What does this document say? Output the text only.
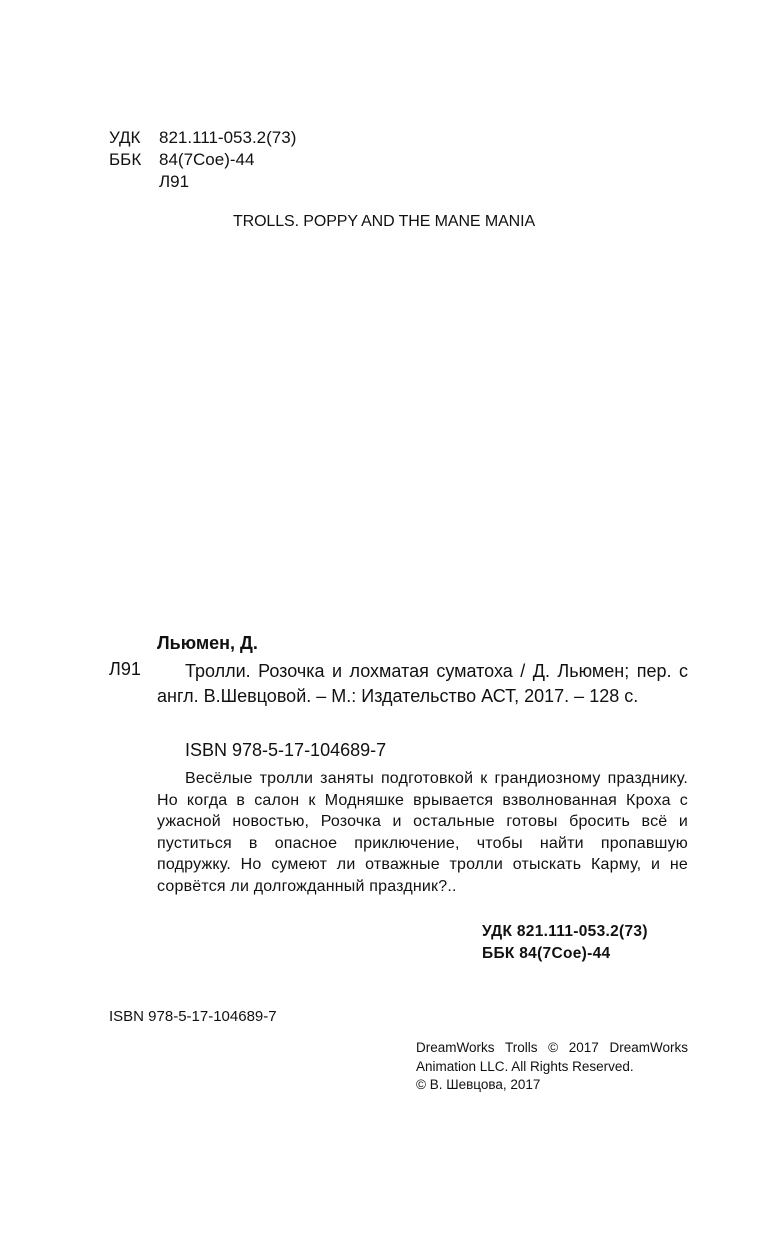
УДК 821.111-053.2(73)
ББК 84(7Сое)-44
Л91
TROLLS. POPPY AND THE MANE MANIA
Льюмен, Д.
Л91	Тролли. Розочка и лохматая суматоха / Д. Льюмен; пер. с англ. В.Шевцовой. – М.: Издательство АСТ, 2017. – 128 с.
ISBN 978-5-17-104689-7
Весёлые тролли заняты подготовкой к грандиозному празднику. Но когда в салон к Модняшке врывается взволнованная Кроха с ужасной новостью, Розочка и остальные готовы бросить всё и пуститься в опасное приключение, чтобы найти пропавшую подружку. Но сумеют ли отважные тролли отыскать Карму, и не сорвётся ли долгожданный праздник?..
УДК 821.111-053.2(73)
ББК 84(7Сое)-44
ISBN 978-5-17-104689-7
DreamWorks Trolls © 2017 DreamWorks
Animation LLC. All Rights Reserved.
© В. Шевцова, 2017
